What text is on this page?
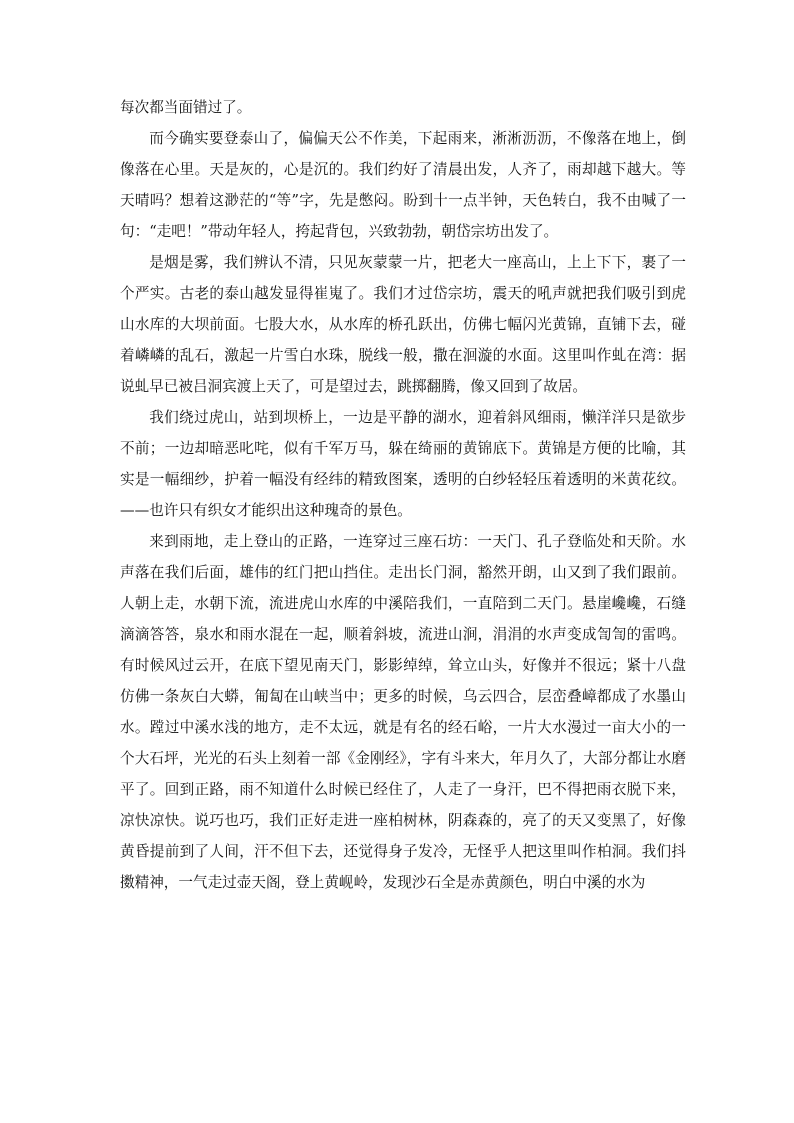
每次都当面错过了。

而今确实要登泰山了，偏偏天公不作美，下起雨来，淅淅沥沥，不像落在地上，倒像落在心里。天是灰的，心是沉的。我们约好了清晨出发，人齐了，雨却越下越大。等天晴吗？想着这渺茫的“等”字，先是憋闷。盼到十一点半钟，天色转白，我不由喊了一句：“走吧！”带动年轻人，挎起背包，兴致勃勃，朝岱宗坊出发了。

是烟是雾，我们辨认不清，只见灰蒙蒙一片，把老大一座高山，上上下下，裹了一个严实。古老的泰山越发显得崔嵬了。我们才过岱宗坊，震天的吼声就把我们吸引到虎山水库的大坝前面。七股大水，从水库的桥孔跃出，仿佛七幅闪光黄锦，直铺下去，碰着嶙嶙的乱石，激起一片雪白水珠，脱线一般，撒在洄漩的水面。这里叫作虬在湾：据说虬早已被吕洞宾渡上天了，可是望过去，跳掷翻腾，像又回到了故居。

我们绕过虎山，站到坝桥上，一边是平静的湖水，迎着斜风细雨，懒洋洋只是欲步不前；一边却暗恶叱咤，似有千军万马，躲在绮丽的黄锦底下。黄锦是方便的比喻，其实是一幅细纱，护着一幅没有经纬的精致图案，透明的白纱轻轻压着透明的米黄花纹。——也许只有织女才能织出这种瑰奇的景色。

来到雨地，走上登山的正路，一连穿过三座石坊：一天门、孔子登临处和天阶。水声落在我们后面，雄伟的红门把山挡住。走出长门洞，豁然开朗，山又到了我们跟前。人朝上走，水朝下流，流进虎山水库的中溪陪我们，一直陪到二天门。悬崖巉巉，石缝滴滴答答，泉水和雨水混在一起，顺着斜坡，流进山涧，涓涓的水声变成訇訇的雷鸣。有时候风过云开，在底下望见南天门，影影绰绰，耸立山头，好像并不很远；紧十八盘仿佛一条灰白大蟒，匍匐在山峡当中；更多的时候，乌云四合，层峦叠嶂都成了水墨山水。蹚过中溪水浅的地方，走不太远，就是有名的经石峪，一片大水漫过一亩大小的一个大石坪，光光的石头上刻着一部《金刚经》，字有斗来大，年月久了，大部分都让水磨平了。回到正路，雨不知道什么时候已经住了，人走了一身汗，巴不得把雨衣脱下来，凉快凉快。说巧也巧，我们正好走进一座柏树林，阴森森的，亮了的天又变黑了，好像黄昏提前到了人间，汗不但下去，还觉得身子发冷，无怪乎人把这里叫作柏洞。我们抖擞精神，一气走过壶天阁，登上黄岘岭，发现沙石全是赤黄颜色，明白中溪的水为
